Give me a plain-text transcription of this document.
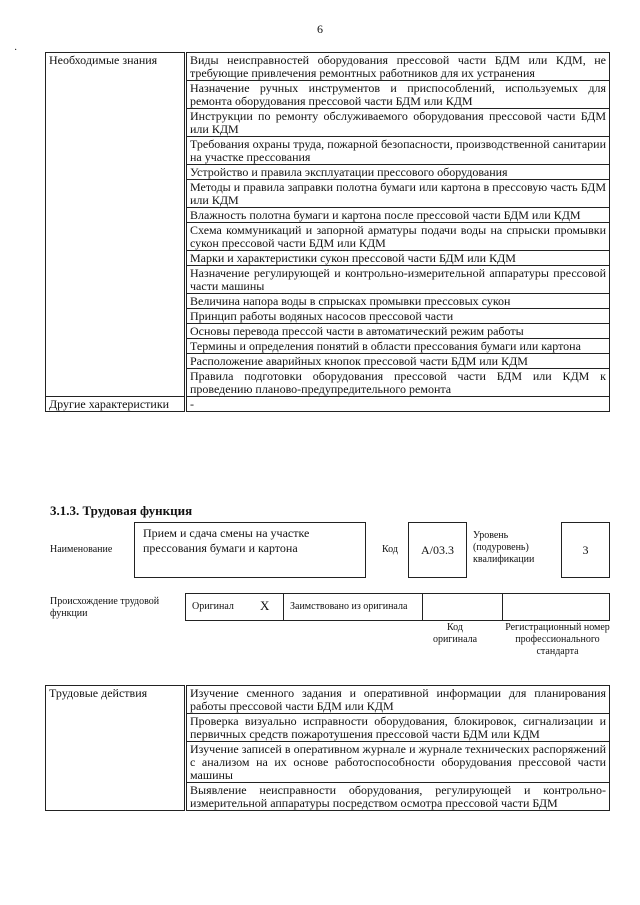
6
·
Необходимые знания	Виды неисправностей оборудования прессовой части БДМ или КДМ, не требующие привлечения ремонтных работников для их устранения
	Назначение ручных инструментов и приспособлений, используемых для ремонта оборудования прессовой части БДМ или КДМ
	Инструкции по ремонту обслуживаемого оборудования прессовой части БДМ или КДМ
	Требования охраны труда, пожарной безопасности, производственной санитарии на участке прессования
	Устройство и правила эксплуатации прессового оборудования
	Методы и правила заправки полотна бумаги или картона в прессовую часть БДМ или КДМ
	Влажность полотна бумаги и картона после прессовой части БДМ или КДМ
	Схема коммуникаций и запорной арматуры подачи воды на спрыски промывки сукон прессовой части БДМ или КДМ
	Марки и характеристики сукон прессовой части БДМ или КДМ
	Назначение регулирующей и контрольно-измерительной аппаратуры прессовой части машины
	Величина напора воды в спрысках промывки прессовых сукон
	Принцип работы водяных насосов прессовой части
	Основы перевода прессой части в автоматический режим работы
	Термины и определения понятий в области прессования бумаги или картона
	Расположение аварийных кнопок прессовой части БДМ или КДМ
	Правила подготовки оборудования прессовой части БДМ или КДМ к проведению планово-предупредительного ремонта
Другие характеристики	-
3.1.3. Трудовая функция
Наименование
Прием и сдача смены на участке прессования бумаги и картона	Код	А/03.3
Уровень (подуровень) квалификации
3
Происхождение трудовой функции
Оригинал X Заимствовано из оригинала
Код оригинала
Регистрационный номер профессионального стандарта
Трудовые действия	Изучение сменного задания и оперативной информации для планирования работы прессовой части БДМ или КДМ
Проверка визуально исправности оборудования, блокировок, сигнализации и первичных средств пожаротушения прессовой части БДМ или КДМ
Изучение записей в оперативном журнале и журнале технических распоряжений с анализом на их основе работоспособности оборудования прессовой части машины
Выявление неисправности оборудования, регулирующей и контрольно-измерительной аппаратуры посредством осмотра прессовой части БДМ
